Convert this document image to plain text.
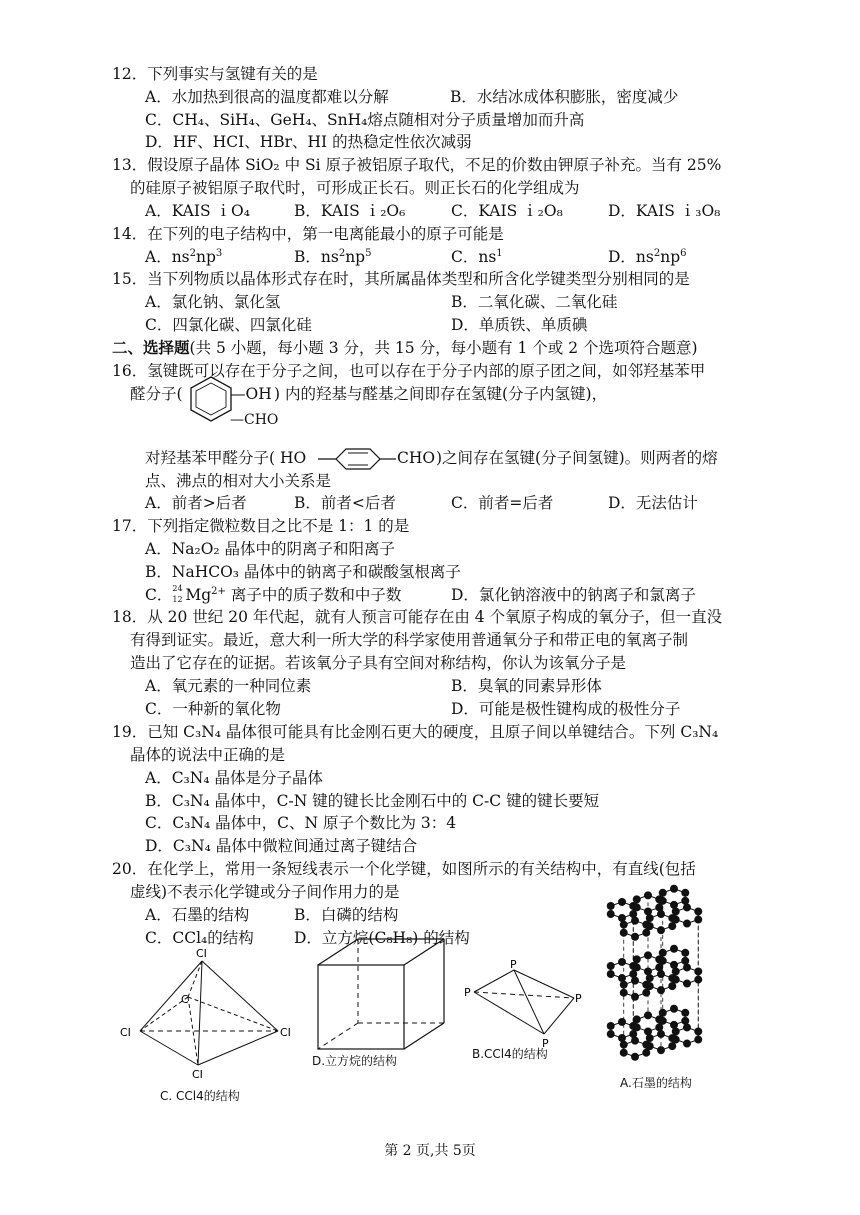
12．下列事实与氢键有关的是
A．水加热到很高的温度都难以分解	B．水结冰成体积膨胀，密度减少
C．CH₄、SiH₄、GeH₄、SnH₄熔点随相对分子质量增加而升高
D．HF、HCI、HBr、HI 的热稳定性依次减弱
13．假设原子晶体 SiO₂ 中 Si 原子被铝原子取代，不足的价数由钾原子补充。当有 25%
的硅原子被铝原子取代时，可形成正长石。则正长石的化学组成为
A．KAIS ｉO₄	B．KAIS ｉ₂O₆	C．KAIS ｉ₂O₈	D．KAIS ｉ₃O₈
14．在下列的电子结构中，第一电离能最小的原子可能是
A．$ns^2np^3$	B．$ns^2np^5$	C．$ns^1$	D．$ns^2np^6$
15．当下列物质以晶体形式存在时，其所属晶体类型和所含化学键类型分别相同的是
A．氯化钠、氯化氢	B．二氧化碳、二氧化硅
C．四氯化碳、四氯化硅	D．单质铁、单质碘
二、选择题(共 5 小题，每小题 3 分，共 15 分，每小题有 1 个或 2 个选项符合题意)
16．氢键既可以存在于分子之间，也可以存在于分子内部的原子团之间，如邻羟基苯甲
醛分子(	—OH ) 内的羟基与醛基之间即存在氢键(分子内氢键)，
—CHO
对羟基苯甲醛分子( HO	CHO )之间存在氢键(分子间氢键)。则两者的熔
点、沸点的相对大小关系是
A．前者>后者	B．前者<后者	C．前者=后者	D．无法估计
17．下列指定微粒数目之比不是 1：1 的是
A．Na₂O₂ 晶体中的阴离子和阳离子
B．NaHCO₃ 晶体中的钠离子和碳酸氢根离子
C． 24
12 $Mg^{2+}$ 离子中的质子数和中子数	D．氯化钠溶液中的钠离子和氯离子
18．从 20 世纪 20 年代起，就有人预言可能存在由 4 个氧原子构成的氧分子，但一直没
有得到证实。最近，意大利一所大学的科学家使用普通氧分子和带正电的氧离子制
造出了它存在的证据。若该氧分子具有空间对称结构，你认为该氧分子是
A．氧元素的一种同位素	B．臭氧的同素异形体
C．一种新的氧化物	D．可能是极性键构成的极性分子
19．已知 C₃N₄ 晶体很可能具有比金刚石更大的硬度，且原子间以单键结合。下列 C₃N₄
晶体的说法中正确的是
A．C₃N₄ 晶体是分子晶体
B．C₃N₄ 晶体中，C-N 键的键长比金刚石中的 C-C 键的键长要短
C．C₃N₄ 晶体中，C、N 原子个数比为 3：4
D．C₃N₄ 晶体中微粒间通过离子键结合
20．在化学上，常用一条短线表示一个化学键，如图所示的有关结构中，有直线(包括
虚线)不表示化学键或分子间作用力的是
A．石墨的结构	B．白磷的结构
C．CCl₄的结构	D．立方烷(C₈H₈) 的结构
CI
C
CI	CI
CI
C. CCl4的结构
D.立方烷的结构
P
P	P
P
B.CCl4的结构
A.石墨的结构
第 2 页,共 5页
